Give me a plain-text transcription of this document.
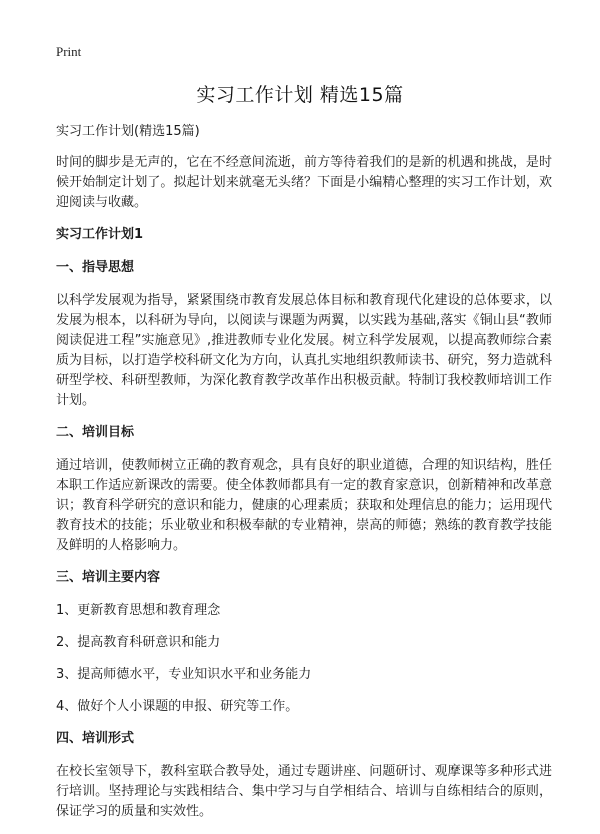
Print
实习工作计划 精选15篇
实习工作计划(精选15篇)

时间的脚步是无声的，它在不经意间流逝，前方等待着我们的是新的机遇和挑战，是时候开始制定计划了。拟起计划来就毫无头绪？下面是小编精心整理的实习工作计划，欢迎阅读与收藏。

实习工作计划1
一、指导思想

以科学发展观为指导，紧紧围绕市教育发展总体目标和教育现代化建设的总体要求，以发展为根本，以科研为导向，以阅读与课题为两翼，以实践为基础,落实《铜山县“教师阅读促进工程”实施意见》,推进教师专业化发展。树立科学发展观，以提高教师综合素质为目标，以打造学校科研文化为方向，认真扎实地组织教师读书、研究，努力造就科研型学校、科研型教师，为深化教育教学改革作出积极贡献。特制订我校教师培训工作计划。

二、培训目标

通过培训，使教师树立正确的教育观念，具有良好的职业道德，合理的知识结构，胜任本职工作适应新课改的需要。使全体教师都具有一定的教育家意识，创新精神和改革意识；教育科学研究的意识和能力，健康的心理素质；获取和处理信息的能力；运用现代教育技术的技能；乐业敬业和积极奉献的专业精神，崇高的师德；熟练的教育教学技能及鲜明的人格影响力。

三、培训主要内容
1、更新教育思想和教育理念
2、提高教育科研意识和能力
3、提高师德水平，专业知识水平和业务能力
4、做好个人小课题的申报、研究等工作。
四、培训形式

在校长室领导下，教科室联合教导处，通过专题讲座、问题研讨、观摩课等多种形式进行培训。坚持理论与实践相结合、集中学习与自学相结合、培训与自练相结合的原则，保证学习的质量和实效性。
